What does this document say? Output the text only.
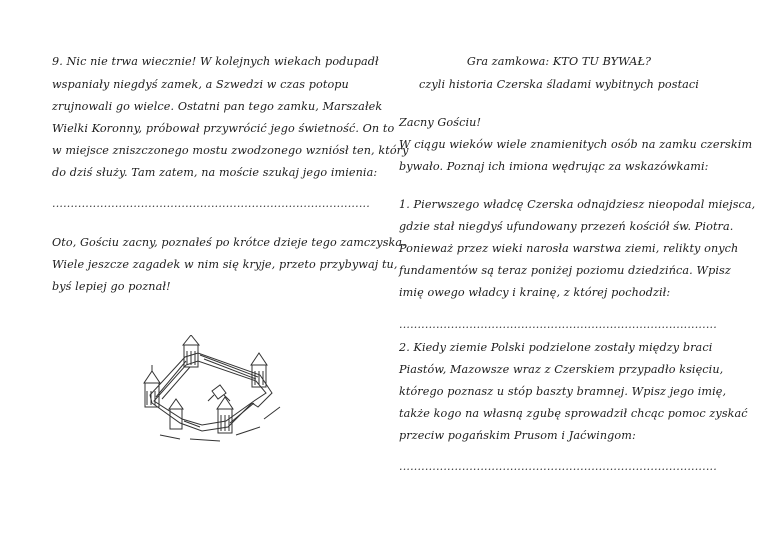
9. Nic nie trwa wiecznie! W kolejnych wiekach podupadł
wspaniały niegdyś zamek, a Szwedzi w czas potopu
zrujnowali go wielce. Ostatni pan tego zamku, Marszałek
Wielki Koronny, próbował przywrócić jego świetność. On to
w miejsce zniszczonego mostu zwodzonego wzniósł ten, który
do dziś służy. Tam zatem, na moście szukaj jego imienia:
......................................................................................
Oto, Gościu zacny, poznałeś po krótce dzieje tego zamczyska.
Wiele jeszcze zagadek w nim się kryje, przeto przybywaj tu,
byś lepiej go poznał!
Gra zamkowa: KTO TU BYWAŁ?
czyli historia Czerska śladami wybitnych postaci
Zacny Gościu!
W ciągu wieków wiele znamienitych osób na zamku czerskim
bywało. Poznaj ich imiona wędrując za wskazówkami:
1. Pierwszego władcę Czerska odnajdziesz nieopodal miejsca,
gdzie stał niegdyś ufundowany przezeń kościół św. Piotra.
Ponieważ przez wieki narosła warstwa ziemi, relikty onych
fundamentów są teraz poniżej poziomu dziedzińca. Wpisz
imię owego władcy i krainę, z której pochodził:
......................................................................................
2. Kiedy ziemie Polski podzielone zostały między braci
Piastów, Mazowsze wraz z Czerskiem przypadło księciu,
którego poznasz u stóp baszty bramnej. Wpisz jego imię,
także kogo na własną zgubę sprowadził chcąc pomoc zyskać
przeciw pogańskim Prusom i Jaćwingom:
......................................................................................
